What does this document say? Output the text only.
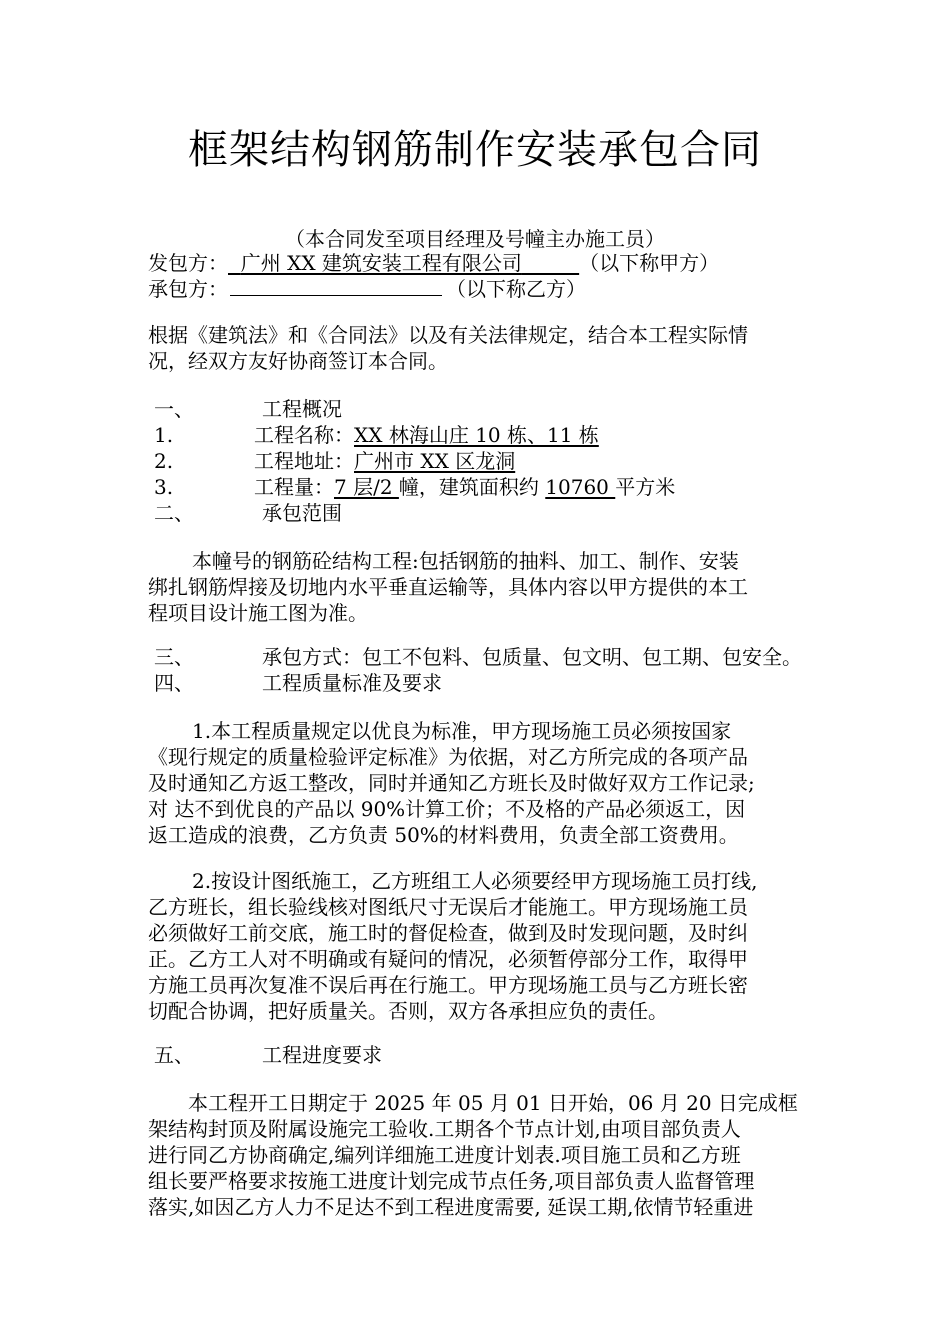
框架结构钢筋制作安装承包合同
（本合同发至项目经理及号幢主办施工员）
发包方： 广州 XX 建筑安装工程有限公司	（以下称甲方）
承包方：	（以下称乙方）
根据《建筑法》和《合同法》以及有关法律规定，结合本工程实际情
况，经双方友好协商签订本合同。
一、	工程概况
1.	工程名称：XX 林海山庄 10 栋、11 栋
2.	工程地址：广州市 XX 区龙洞
3.	工程量：7 层/2 幢，建筑面积约 10760 平方米
二、	承包范围
本幢号的钢筋砼结构工程:包括钢筋的抽料、加工、制作、安装
绑扎钢筋焊接及切地内水平垂直运输等，具体内容以甲方提供的本工
程项目设计施工图为准。
三、	承包方式：包工不包料、包质量、包文明、包工期、包安全。
四、	工程质量标准及要求
1.本工程质量规定以优良为标准，甲方现场施工员必须按国家
《现行规定的质量检验评定标准》为依据，对乙方所完成的各项产品
及时通知乙方返工整改，同时并通知乙方班长及时做好双方工作记录;
对 达不到优良的产品以 90%计算工价；不及格的产品必须返工，因
返工造成的浪费，乙方负责 50%的材料费用，负责全部工资费用。
2.按设计图纸施工，乙方班组工人必须要经甲方现场施工员打线,
乙方班长，组长验线核对图纸尺寸无误后才能施工。甲方现场施工员
必须做好工前交底，施工时的督促检查，做到及时发现问题，及时纠
正。乙方工人对不明确或有疑问的情况，必须暂停部分工作，取得甲
方施工员再次复准不误后再在行施工。甲方现场施工员与乙方班长密
切配合协调，把好质量关。否则，双方各承担应负的责任。
五、	工程进度要求
本工程开工日期定于 2025 年 05 月 01 日开始，06 月 20 日完成框
架结构封顶及附属设施完工验收.工期各个节点计划,由项目部负责人
进行同乙方协商确定,编列详细施工进度计划表.项目施工员和乙方班
组长要严格要求按施工进度计划完成节点任务,项目部负责人监督管理
落实,如因乙方人力不足达不到工程进度需要, 延误工期,依情节轻重进
